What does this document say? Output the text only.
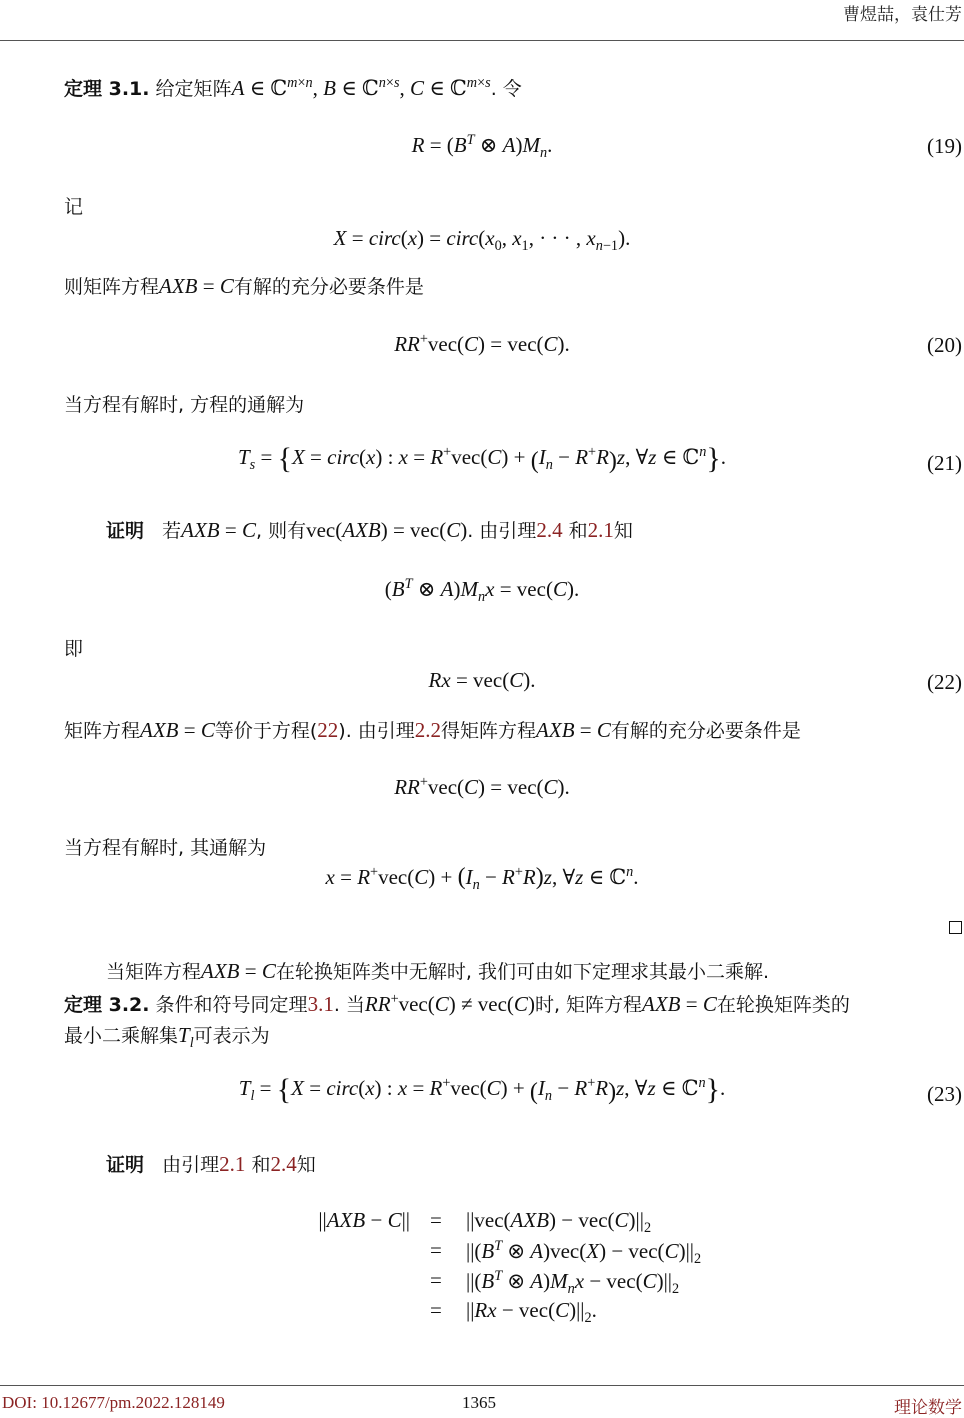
曹煜喆，袁仕芳
定理 3.1. 给定矩阵A ∈ ℂ$^{m\times n}$, B ∈ ℂ$^{n\times s}$, C ∈ ℂ$^{m\times s}$. 令
$R = (B^T$ ⊗ $A)M_n$.	(19)
记
X = circ(x) = $circ(x_0$, $x_1$, · · · , $x_{n-1}$).
则矩阵方程AXB = C有解的充分必要条件是
RR+vec(C) = vec(C).	(20)
当方程有解时, 方程的通解为
$T_s = \{X$ = circ(x) : $x = R^+vec(C) + (I_n - R^+R)z$, ∀z ∈ ℂ$^n$}.	(21)
证明 若AXB = C, 则有vec(AXB) = vec(C). 由引理2.4 和2.1知
($B^T$ ⊗ $A)M_nx = vec(C)$.
即
Rx = vec(C).	(22)
矩阵方程AXB = C等价于方程(22). 由引理2.2得矩阵方程AXB = C有解的充分必要条件是
RR+vec(C) = vec(C).
当方程有解时, 其通解为
$x = R^+vec(C) + (I_n - R^+R)z$, ∀z ∈ ℂ$^n$.
当矩阵方程AXB = C在轮换矩阵类中无解时, 我们可由如下定理求其最小二乘解.
定理 3.2. 条件和符号同定理3.1. 当RR+vec(C) ≠ vec(C)时, 矩阵方程AXB = C在轮换矩阵类的
最小二乘解集$T_l$可表示为
$T_l = \{X$ = circ(x) : $x = R^+vec(C) + (I_n - R^+R)z$, ∀z ∈ ℂ$^n$}.	(23)
证明 由引理2.1 和2.4知
$||AXB - C|| = ||vec(AXB) - vec(C)||_2$
= $||(B^T$ ⊗ $A)vec(X) - vec(C)||_2$
= $||(B^T$ ⊗ $A)M_nx - vec(C)||_2$
= $||Rx - vec(C)||_2$.
DOI: 10.12677/pm.2022.128149	1365	理论数学
